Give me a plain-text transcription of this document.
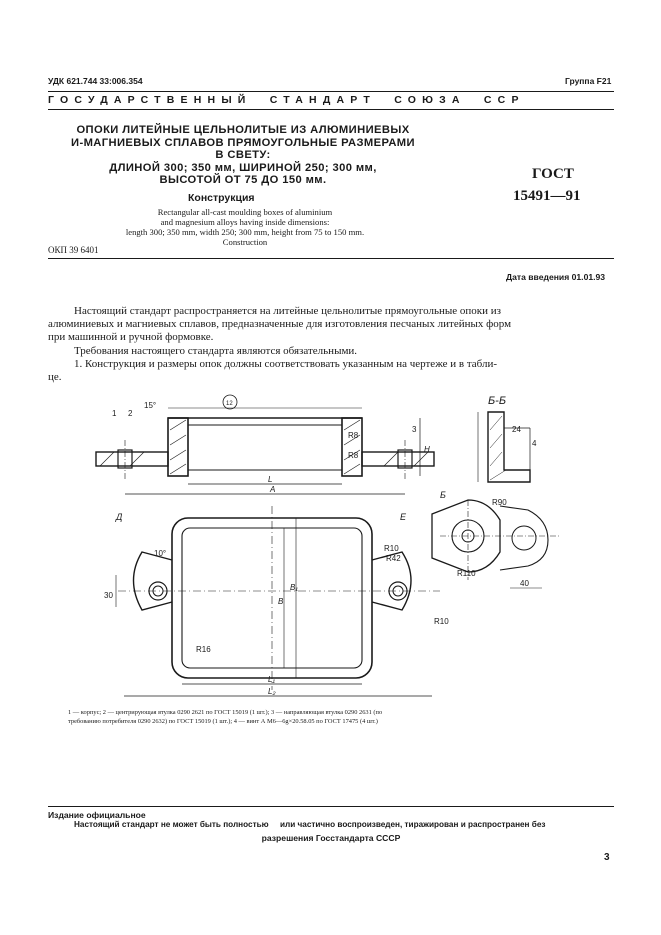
УДК 621.744 33:006.354	Группа F21
ГОСУДАРСТВЕННЫЙ  СТАНДАРТ  СОЮЗА  ССР
ОПОКИ ЛИТЕЙНЫЕ ЦЕЛЬНОЛИТЫЕ ИЗ АЛЮМИНИЕВЫХ
И-МАГНИЕВЫХ СПЛАВОВ ПРЯМОУГОЛЬНЫЕ РАЗМЕРАМИ
В СВЕТУ:
ДЛИНОЙ 300; 350 мм, ШИРИНОЙ 250; 300 мм,
ВЫСОТОЙ ОТ 75 ДО 150 мм.
Конструкция
Rectangular all-cast moulding boxes of aluminium
and magnesium alloys having inside dimensions:
length 300; 350 mm, width 250; 300 mm, height from 75 to 150 mm.
Construction
ГОСТ
15491—91
ОКП 39 6401
Дата введения 01.01.93
Настоящий стандарт распространяется на литейные цельнолитые прямоугольные опоки из
алюминиевых и магниевых сплавов, предназначенные для изготовления песчаных литейных форм
при машинной и ручной формовке.
Требования настоящего стандарта являются обязательными.
1. Конструкция и размеры опок должны соответствовать указанным на чертеже и в табли-
це.
Б-Б
Д	Е
Б
L
A
L₁
L₂
В
В₁
H
R10
R42
R10
R16
R8
R8
R90
R110
30
40
24
15°
10°
1 2
3
4
12
1 — корпус; 2 — центрирующая втулка 0290 2621 по ГОСТ 15019 (1 шт.); 3 — направляющая втулка 0290 2631 (по
требованию потребителя 0290 2632) по ГОСТ 15019 (1 шт.); 4 — винт А М6—6g×20.58.05 по ГОСТ 17475 (4 шт.)
Издание официальное
Настоящий стандарт не может быть полностью     или частично воспроизведен, тиражирован и распространен без
разрешения Госстандарта СССР
3
